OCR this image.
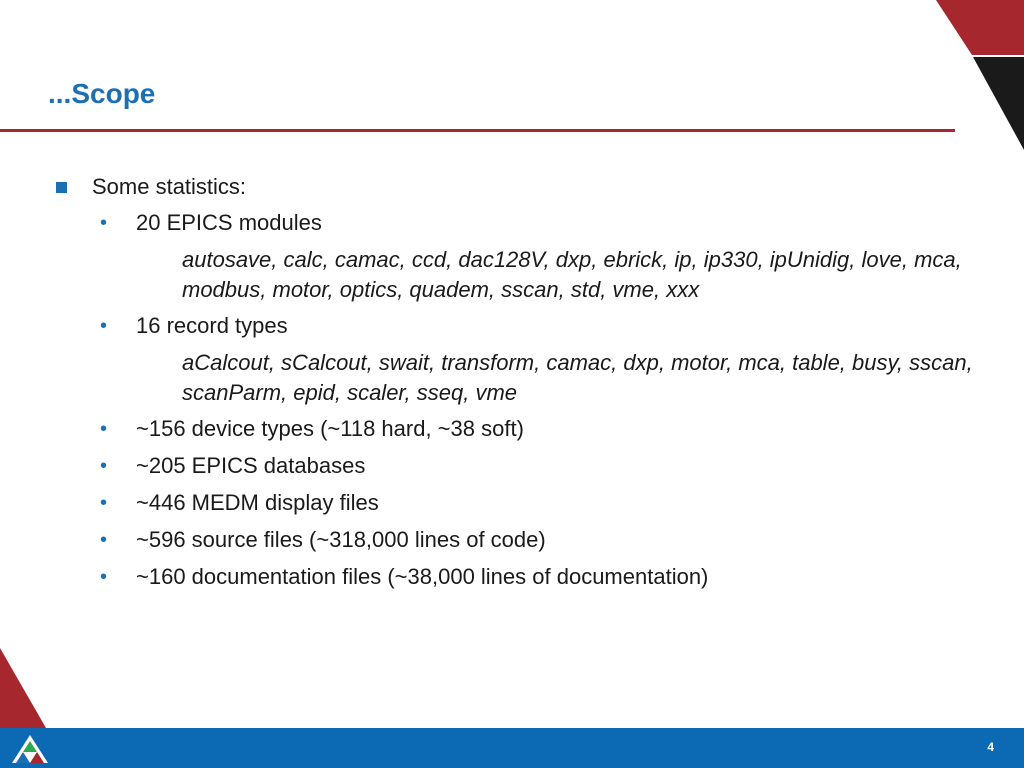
...Scope
Some statistics:
•	20 EPICS modules
autosave, calc, camac, ccd, dac128V, dxp, ebrick, ip, ip330, ipUnidig, love, mca, modbus, motor, optics, quadem, sscan, std, vme, xxx
•	16 record types
aCalcout, sCalcout, swait, transform, camac, dxp, motor, mca, table, busy, sscan, scanParm, epid, scaler, sseq, vme
•	~156 device types (~118 hard, ~38 soft)
•	~205 EPICS databases
•	~446 MEDM display files
•	~596 source files (~318,000 lines of code)
•	~160 documentation files (~38,000 lines of documentation)
4
